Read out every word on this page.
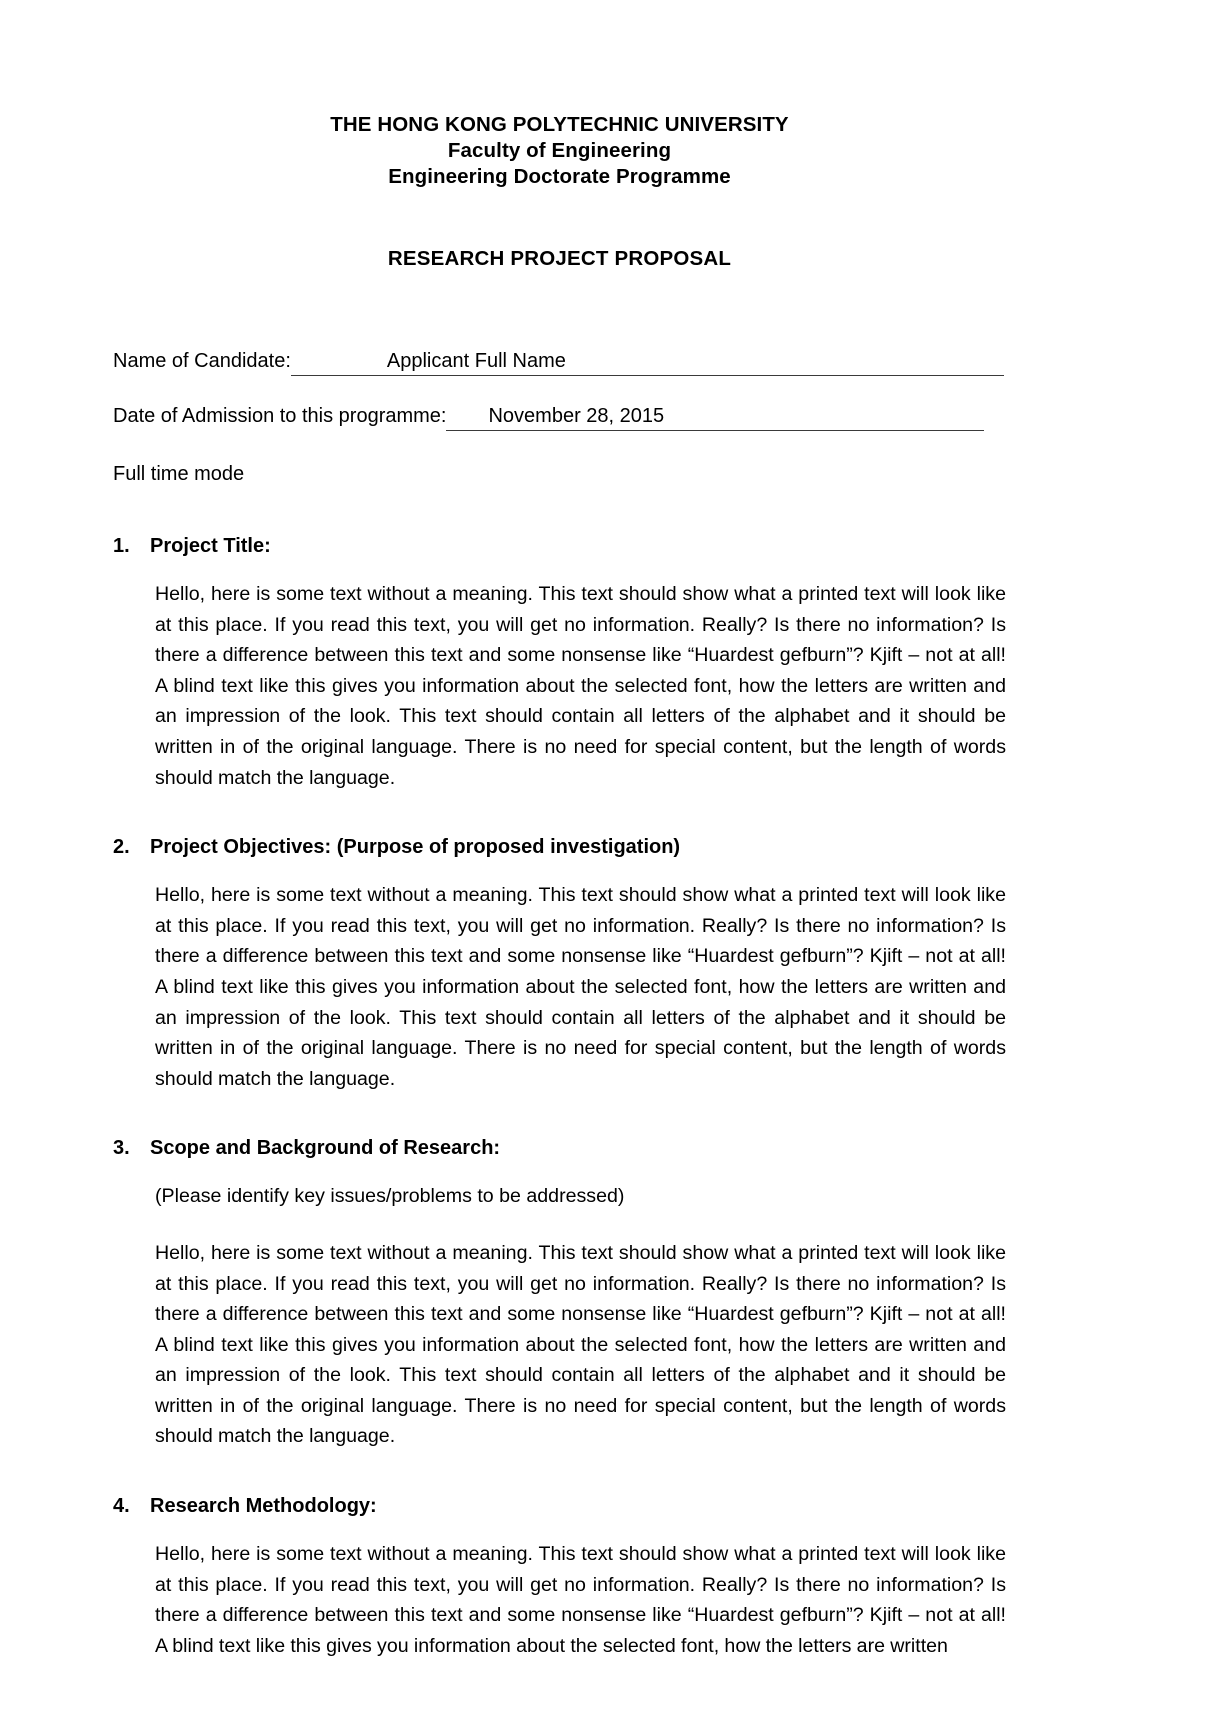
THE HONG KONG POLYTECHNIC UNIVERSITY
Faculty of Engineering
Engineering Doctorate Programme
RESEARCH PROJECT PROPOSAL
Name of Candidate:	Applicant Full Name
Date of Admission to this programme: November 28, 2015
Full time mode
1. Project Title:

Hello, here is some text without a meaning. This text should show what a printed text will look like at this place. If you read this text, you will get no information. Really? Is there no information? Is there a difference between this text and some nonsense like “Huardest gefburn”? Kjift – not at all! A blind text like this gives you information about the selected font, how the letters are written and an impression of the look. This text should contain all letters of the alphabet and it should be written in of the original language. There is no need for special content, but the length of words should match the language.

2. Project Objectives: (Purpose of proposed investigation)

Hello, here is some text without a meaning. This text should show what a printed text will look like at this place. If you read this text, you will get no information. Really? Is there no information? Is there a difference between this text and some nonsense like “Huardest gefburn”? Kjift – not at all! A blind text like this gives you information about the selected font, how the letters are written and an impression of the look. This text should contain all letters of the alphabet and it should be written in of the original language. There is no need for special content, but the length of words should match the language.

3. Scope and Background of Research:

(Please identify key issues/problems to be addressed)

Hello, here is some text without a meaning. This text should show what a printed text will look like at this place. If you read this text, you will get no information. Really? Is there no information? Is there a difference between this text and some nonsense like “Huardest gefburn”? Kjift – not at all! A blind text like this gives you information about the selected font, how the letters are written and an impression of the look. This text should contain all letters of the alphabet and it should be written in of the original language. There is no need for special content, but the length of words should match the language.

4. Research Methodology:

Hello, here is some text without a meaning. This text should show what a printed text will look like at this place. If you read this text, you will get no information. Really? Is there no information? Is there a difference between this text and some nonsense like “Huardest gefburn”? Kjift – not at all! A blind text like this gives you information about the selected font, how the letters are written
